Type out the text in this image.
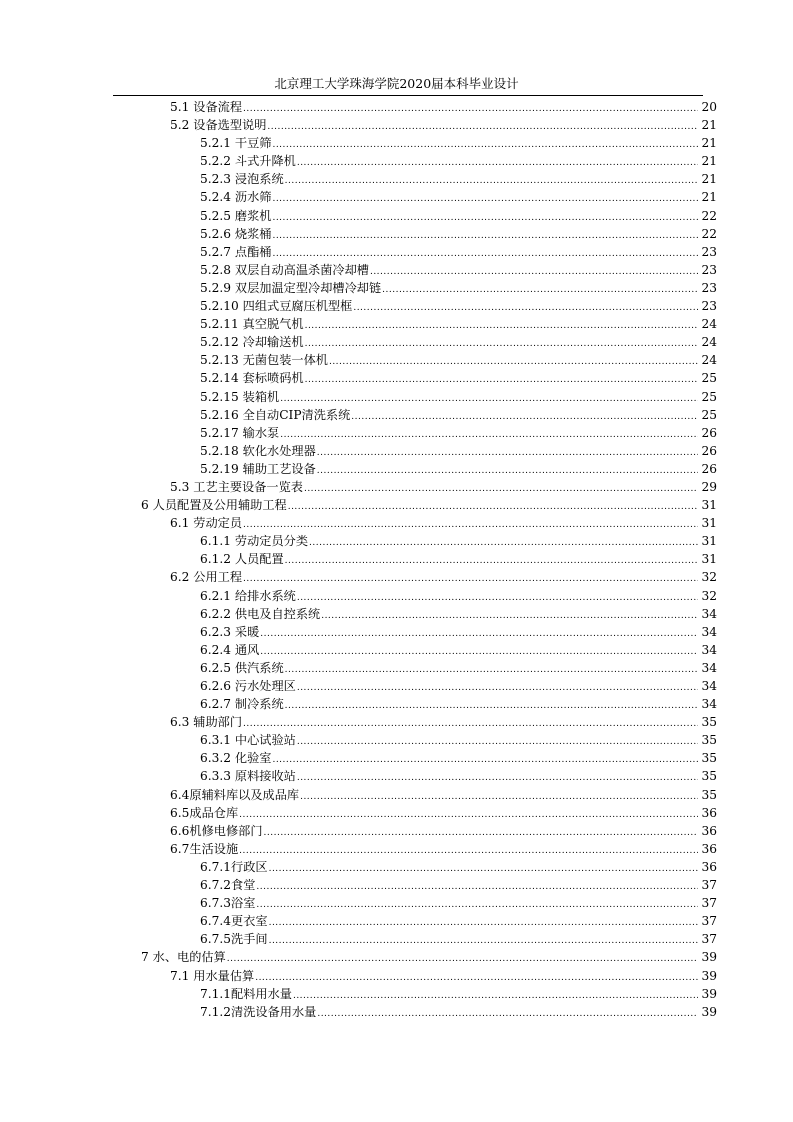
北京理工大学珠海学院2020届本科毕业设计
5.1 设备流程 .....	20
5.2 设备选型说明 .....	21
5.2.1 干豆筛 .....	21
5.2.2 斗式升降机 .....	21
5.2.3 浸泡系统 .....	21
5.2.4 沥水筛 .....	21
5.2.5 磨浆机 .....	22
5.2.6 烧浆桶 .....	22
5.2.7 点酯桶 .....	23
5.2.8 双层自动高温杀菌冷却槽 .....	23
5.2.9 双层加温定型冷却槽冷却链 .....	23
5.2.10 四组式豆腐压机型框 .....	23
5.2.11 真空脱气机 .....	24
5.2.12 冷却输送机 .....	24
5.2.13 无菌包装一体机 .....	24
5.2.14 套标喷码机 .....	25
5.2.15 装箱机 .....	25
5.2.16 全自动CIP清洗系统 .....	25
5.2.17 输水泵 .....	26
5.2.18 软化水处理器 .....	26
5.2.19 辅助工艺设备 .....	26
5.3 工艺主要设备一览表 .....	29
6 人员配置及公用辅助工程 .....	31
6.1 劳动定员 .....	31
6.1.1 劳动定员分类 .....	31
6.1.2 人员配置 .....	31
6.2 公用工程 .....	32
6.2.1 给排水系统 .....	32
6.2.2 供电及自控系统 .....	34
6.2.3 采暖 .....	34
6.2.4 通风 .....	34
6.2.5 供汽系统 .....	34
6.2.6 污水处理区 .....	34
6.2.7 制冷系统 .....	34
6.3 辅助部门 .....	35
6.3.1 中心试验站 .....	35
6.3.2 化验室 .....	35
6.3.3 原料接收站 .....	35
6.4原辅料库以及成品库 .....	35
6.5成品仓库 .....	36
6.6机修电修部门 .....	36
6.7生活设施 .....	36
6.7.1行政区 .....	36
6.7.2食堂 .....	37
6.7.3浴室 .....	37
6.7.4更衣室 .....	37
6.7.5洗手间 .....	37
7 水、电的估算 .....	39
7.1 用水量估算 .....	39
7.1.1配料用水量 .....	39
7.1.2清洗设备用水量 .....	39
